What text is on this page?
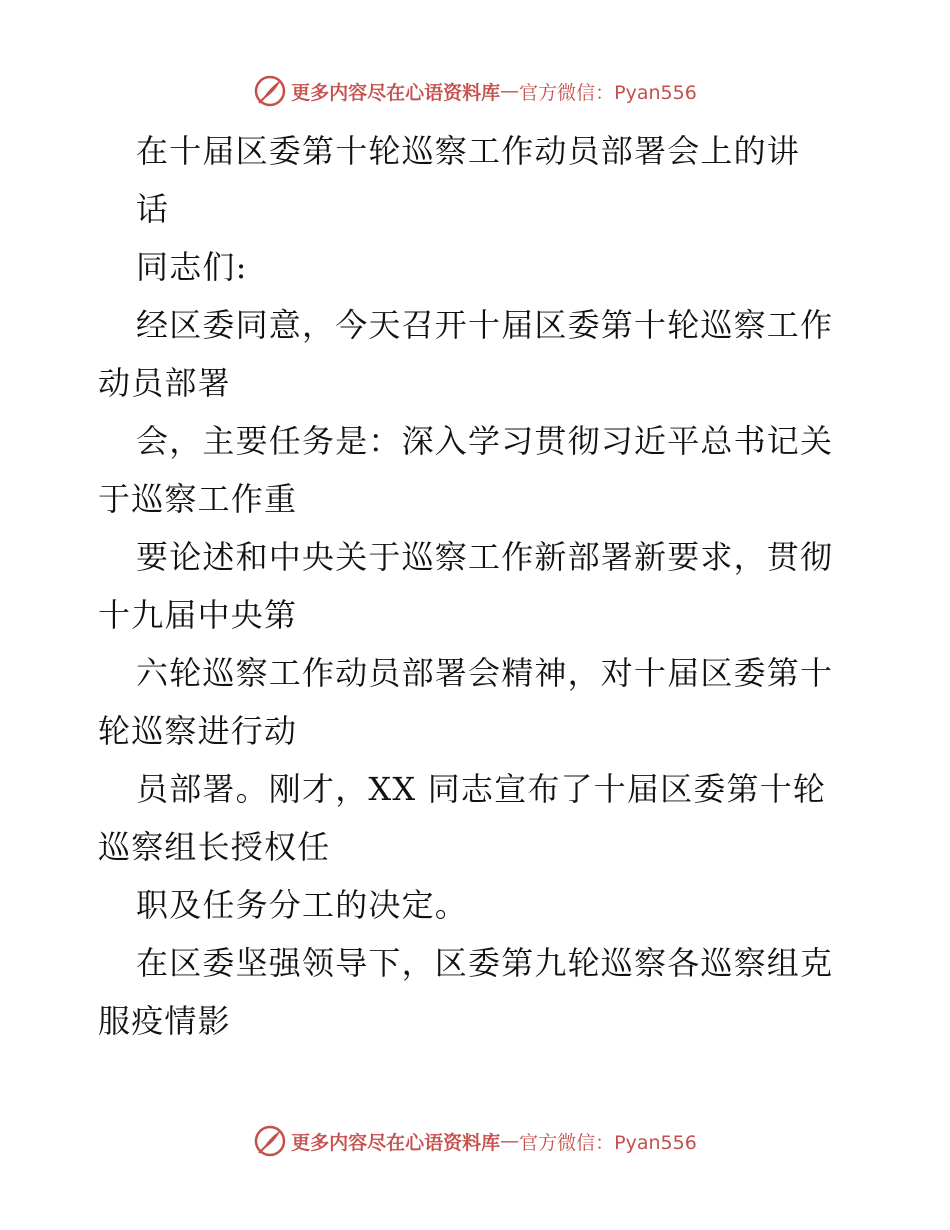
更多内容尽在心语资料库 — 官方微信：Pyan556
在十届区委第十轮巡察工作动员部署会上的讲
话
同志们:
经区委同意，今天召开十届区委第十轮巡察工作
动员部署
会，主要任务是：深入学习贯彻习近平总书记关
于巡察工作重
要论述和中央关于巡察工作新部署新要求，贯彻
十九届中央第
六轮巡察工作动员部署会精神，对十届区委第十
轮巡察进行动
员部署。刚才，XX 同志宣布了十届区委第十轮
巡察组长授权任
职及任务分工的决定。
在区委坚强领导下，区委第九轮巡察各巡察组克
服疫情影
更多内容尽在心语资料库 — 官方微信：Pyan556
